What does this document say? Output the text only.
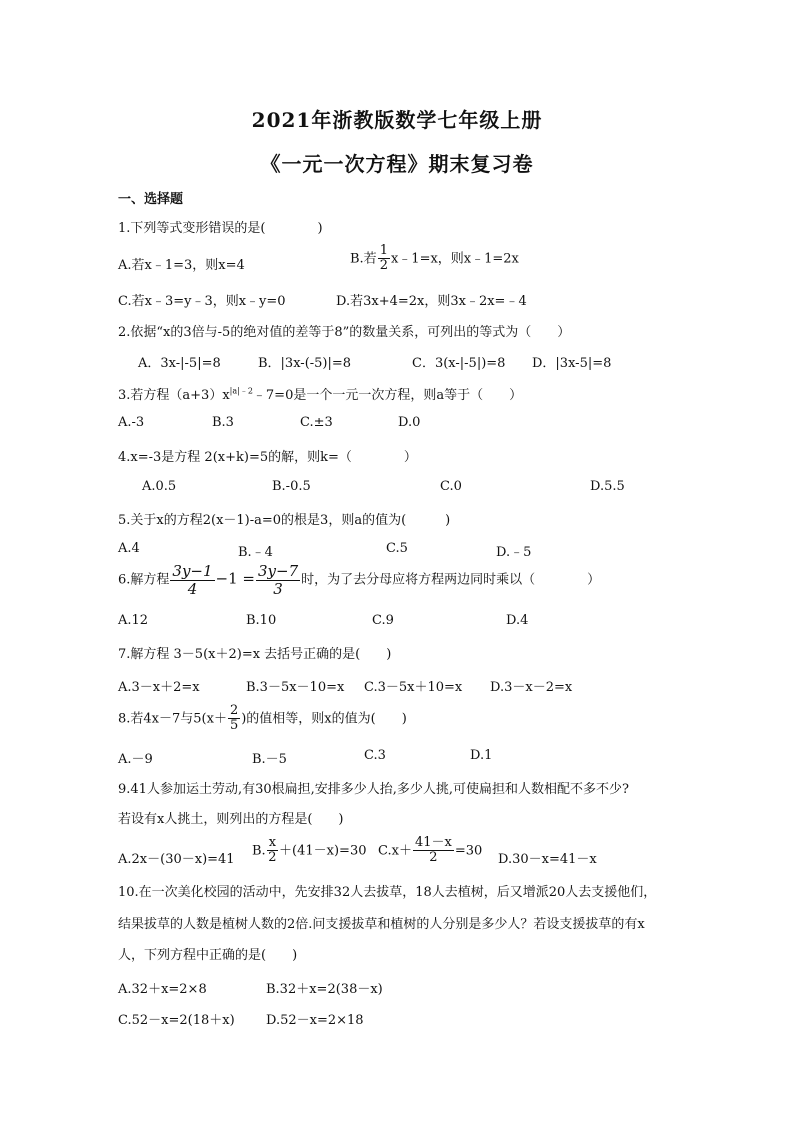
2021年浙教版数学七年级上册
《一元一次方程》期末复习卷
一、选择题
1.下列等式变形错误的是(　　　　)
A.若x﹣1=3，则x=4	B.若 $\frac{1}{2}$ x﹣1=x，则x﹣1=2x
C.若x﹣3=y﹣3，则x﹣y=0	D.若3x+4=2x，则3x﹣2x=﹣4
2.依据“x的3倍与-5的绝对值的差等于8”的数量关系，可列出的等式为（　　）
A．3x-|-5|=8	B．|3x-(-5)|=8	C．3(x-|-5|)=8 D．|3x-5|=8
3.若方程$(a+3)x^{|a|﹣2}﹣7=0$是一个一元一次方程，则a等于（　　）
A.-3	B.3	C.±3	D.0
4.x=-3是方程 2(x+k)=5的解，则k=（　　　　）
A.0.5	B.-0.5	C.0	D.5.5
5.关于x的方程2(x－1)-a=0的根是3，则a的值为(　　　)
A.4	B.﹣4	C.5	D.﹣5
6.解方程 $\frac{3y-1}{4} -1 = \frac{3y-7}{3}$ 时，为了去分母应将方程两边同时乘以（　　　　）
A.12	B.10	C.9	D.4
7.解方程 3－5(x＋2)=x 去括号正确的是(　　)
A.3－x＋2=x	B.3－5x－10=x C.3－5x＋10=x D.3－x－2=x
8.若4x－7与$5(x+ \frac{2}{5}$ )的值相等，则x的值为(　　)
A.－9	B.－5	C.3	D.1
9.41人参加运土劳动,有30根扁担,安排多少人抬,多少人挑,可使扁担和人数相配不多不少?
若设有x人挑土，则列出的方程是(　　)
A.2x－(30－x)=41
B. $\frac{x}{2} +(41-x)=30$ $C.x+ \frac{41-x}{2} =30$
D.30－x=41－x
10.在一次美化校园的活动中，先安排32人去拔草，18人去植树，后又增派20人去支援他们，
结果拔草的人数是植树人数的2倍.问支援拔草和植树的人分别是多少人？若设支援拔草的有x
人，下列方程中正确的是(　　)
A.32＋x=2×8	B.32＋x=2(38－x)
C.52－x=2(18＋x) D.52－x=2×18
